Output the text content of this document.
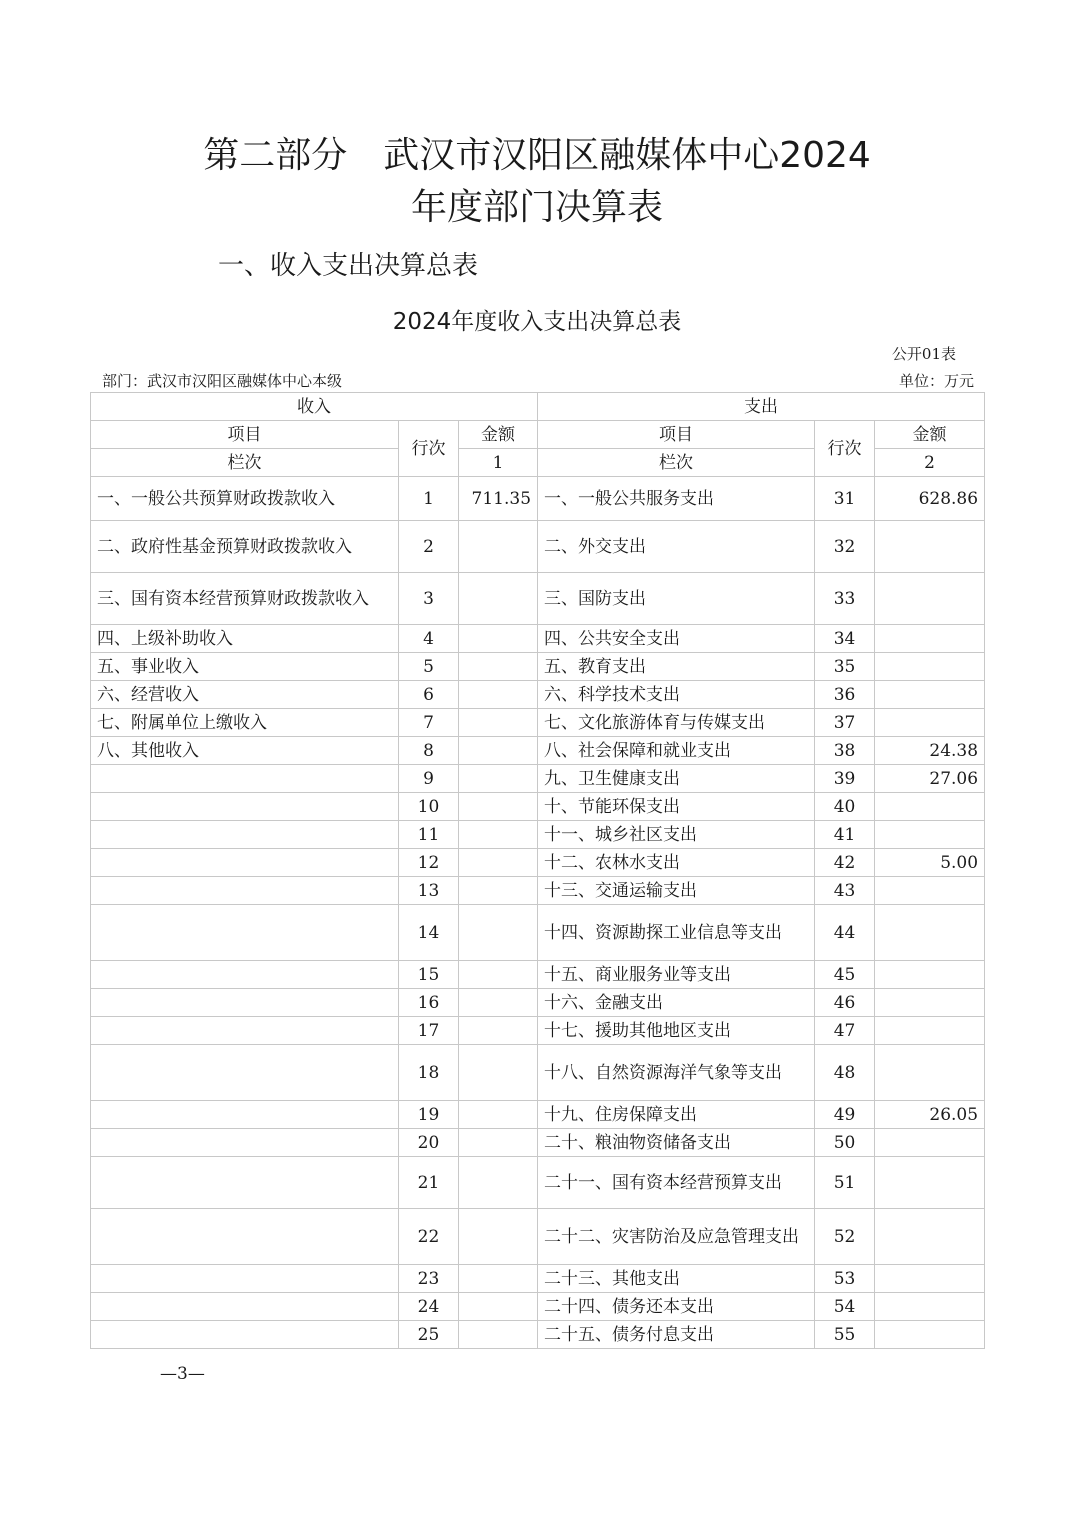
第二部分　武汉市汉阳区融媒体中心2024
年度部门决算表
一、收入支出决算总表
2024年度收入支出决算总表
公开01表
部门：武汉市汉阳区融媒体中心本级	单位：万元
收入			支出		
项目	行次	金额	项目	行次	金额
栏次		1	栏次		2
一、一般公共预算财政拨款收入	1	711.35	一、一般公共服务支出	31	628.86
二、政府性基金预算财政拨款收入	2		二、外交支出	32	
三、国有资本经营预算财政拨款收入	3		三、国防支出	33	
四、上级补助收入	4		四、公共安全支出	34	
五、事业收入	5		五、教育支出	35	
六、经营收入	6		六、科学技术支出	36	
七、附属单位上缴收入	7		七、文化旅游体育与传媒支出	37	
八、其他收入	8		八、社会保障和就业支出	38	24.38
	9		九、卫生健康支出	39	27.06
	10		十、节能环保支出	40	
	11		十一、城乡社区支出	41	
	12		十二、农林水支出	42	5.00
	13		十三、交通运输支出	43	
	14		十四、资源勘探工业信息等支出	44	
	15		十五、商业服务业等支出	45	
	16		十六、金融支出	46	
	17		十七、援助其他地区支出	47	
	18		十八、自然资源海洋气象等支出	48	
	19		十九、住房保障支出	49	26.05
	20		二十、粮油物资储备支出	50	
	21		二十一、国有资本经营预算支出	51	
	22		二十二、灾害防治及应急管理支出	52	
	23		二十三、其他支出	53	
	24		二十四、债务还本支出	54	
	25		二十五、债务付息支出	55	
—3—
